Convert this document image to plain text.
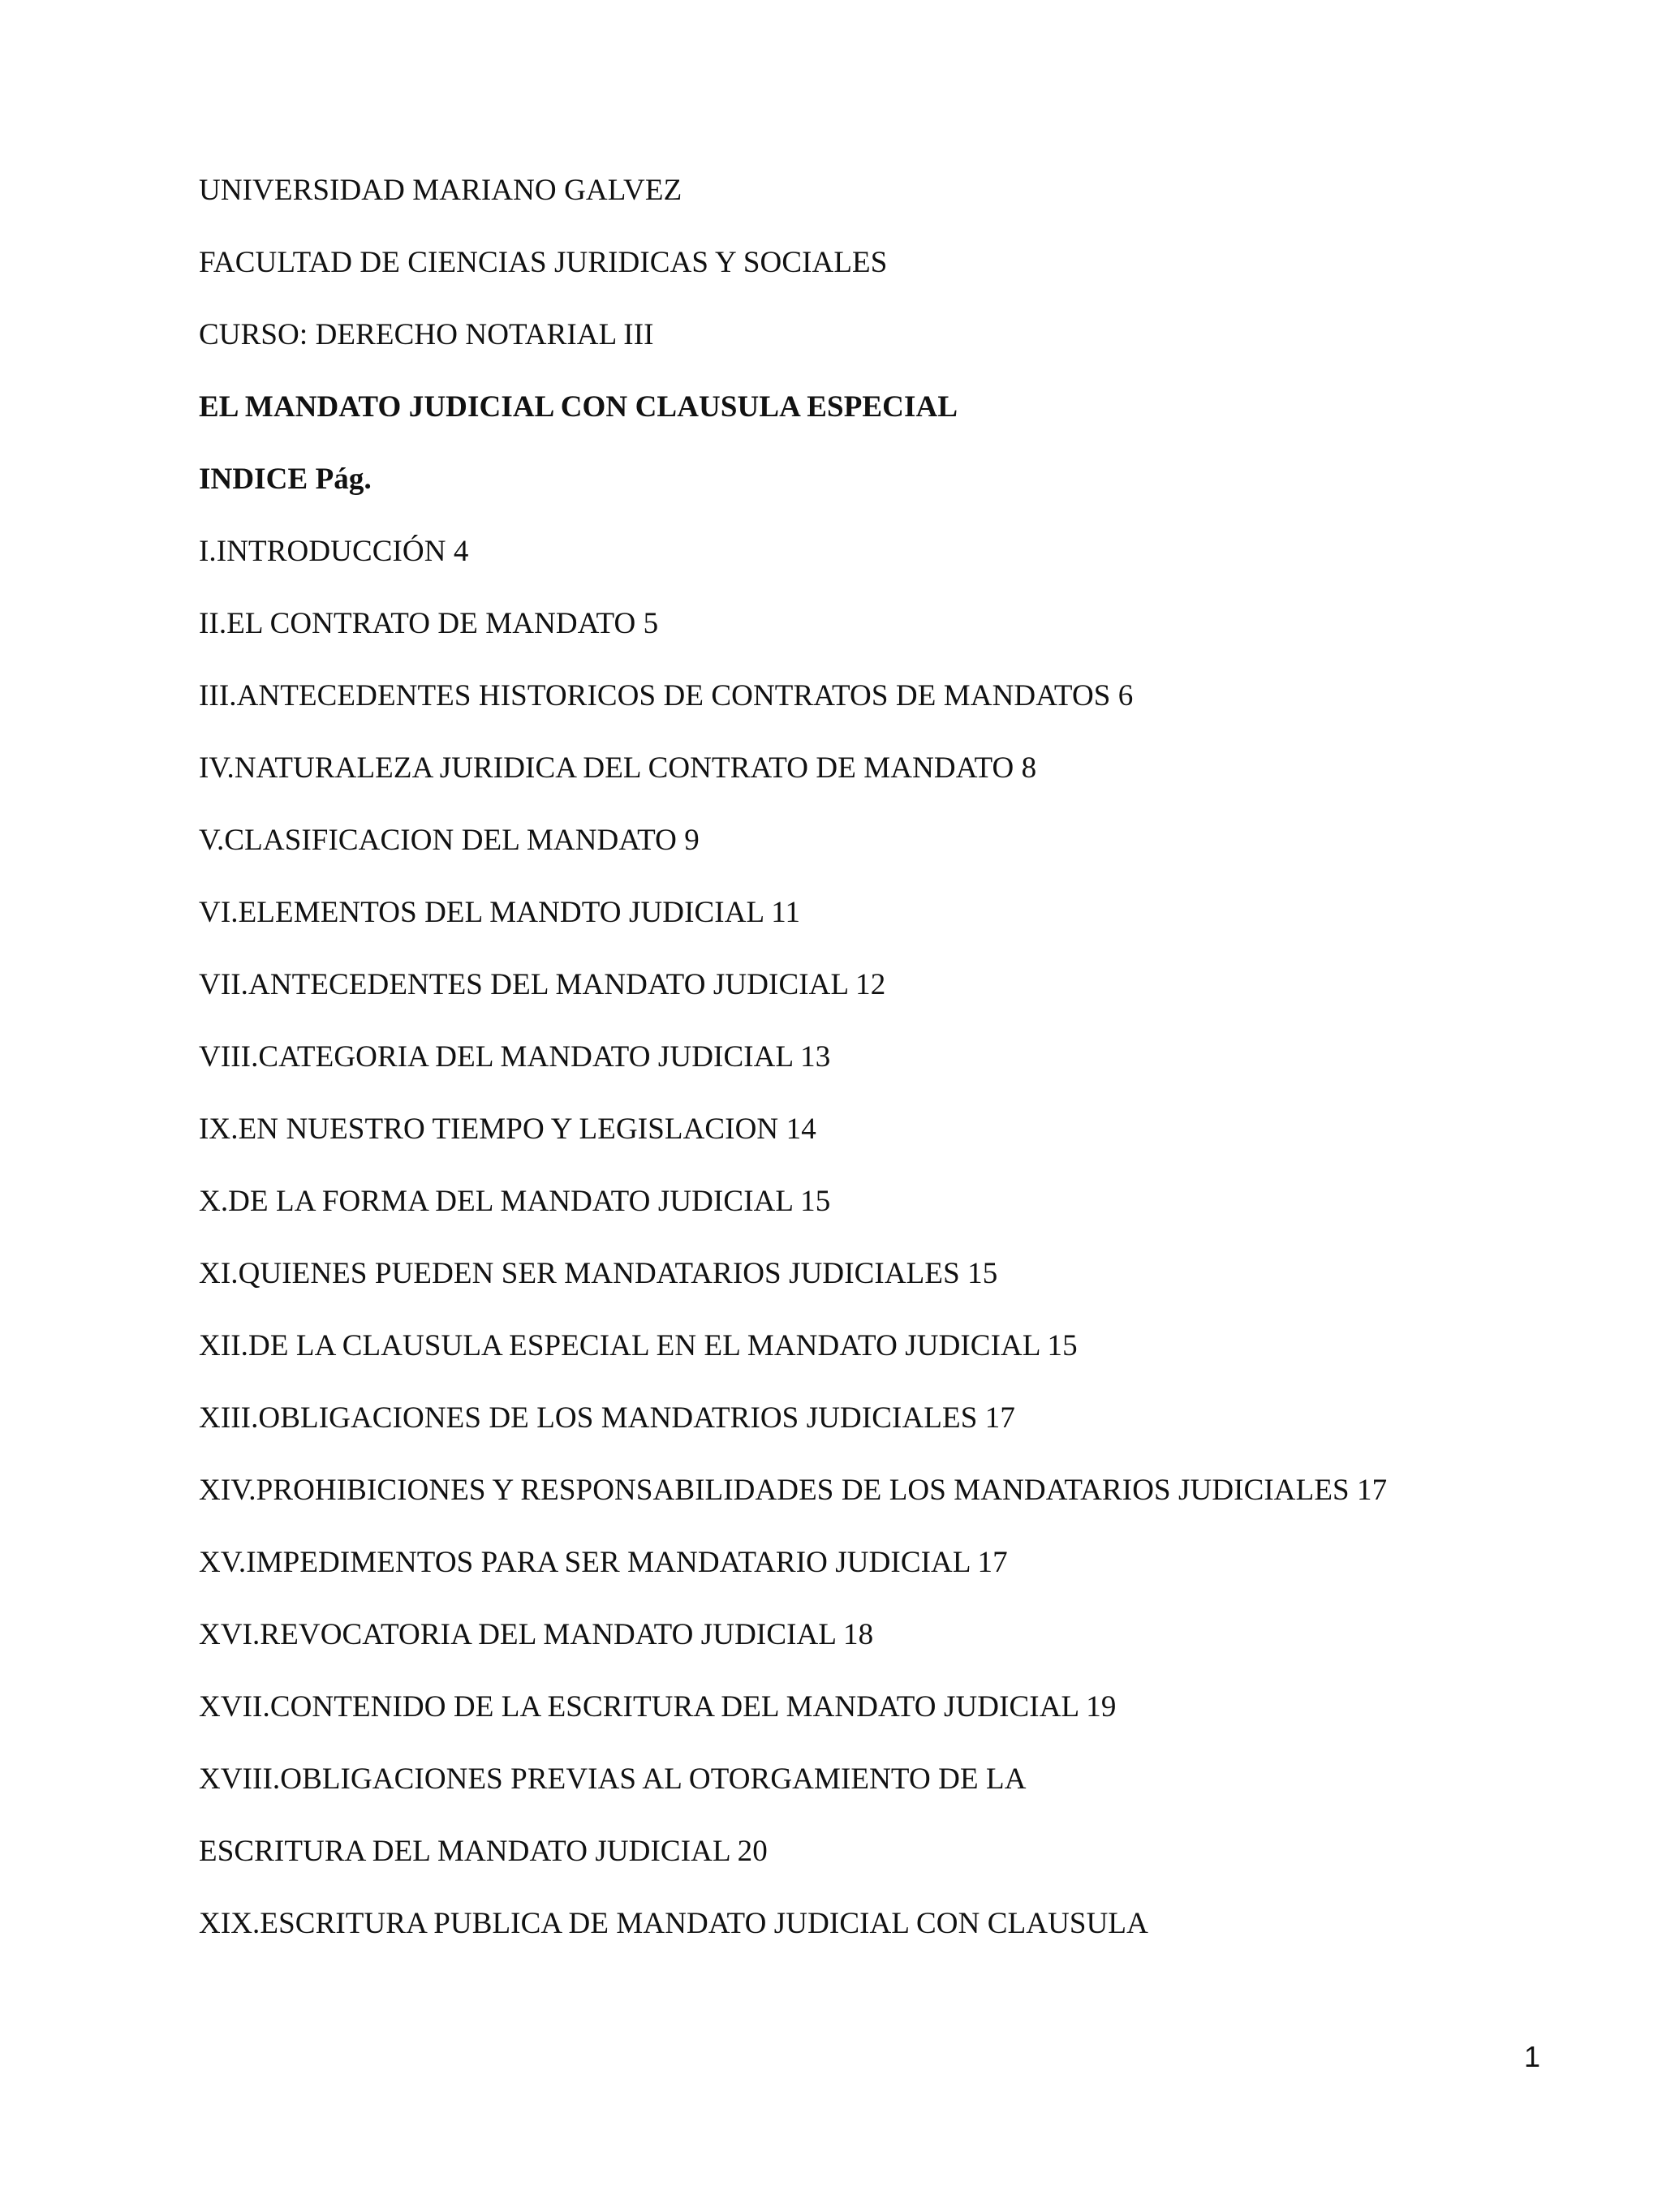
UNIVERSIDAD MARIANO GALVEZ
FACULTAD DE CIENCIAS JURIDICAS Y SOCIALES
CURSO: DERECHO NOTARIAL III
EL MANDATO JUDICIAL CON CLAUSULA ESPECIAL
INDICE Pág.
I.INTRODUCCIÓN 4
II.EL CONTRATO DE MANDATO 5
III.ANTECEDENTES HISTORICOS DE CONTRATOS DE MANDATOS 6
IV.NATURALEZA JURIDICA DEL CONTRATO DE MANDATO 8
V.CLASIFICACION DEL MANDATO 9
VI.ELEMENTOS DEL MANDTO JUDICIAL 11
VII.ANTECEDENTES DEL MANDATO JUDICIAL 12
VIII.CATEGORIA DEL MANDATO JUDICIAL 13
IX.EN NUESTRO TIEMPO Y LEGISLACION 14
X.DE LA FORMA DEL MANDATO JUDICIAL 15
XI.QUIENES PUEDEN SER MANDATARIOS JUDICIALES 15
XII.DE LA CLAUSULA ESPECIAL EN EL MANDATO JUDICIAL 15
XIII.OBLIGACIONES DE LOS MANDATRIOS JUDICIALES 17
XIV.PROHIBICIONES Y RESPONSABILIDADES DE LOS MANDATARIOS JUDICIALES 17
XV.IMPEDIMENTOS PARA SER MANDATARIO JUDICIAL 17
XVI.REVOCATORIA DEL MANDATO JUDICIAL 18
XVII.CONTENIDO DE LA ESCRITURA DEL MANDATO JUDICIAL 19
XVIII.OBLIGACIONES PREVIAS AL OTORGAMIENTO DE LA
ESCRITURA DEL MANDATO JUDICIAL 20
XIX.ESCRITURA PUBLICA DE MANDATO JUDICIAL CON CLAUSULA
1
